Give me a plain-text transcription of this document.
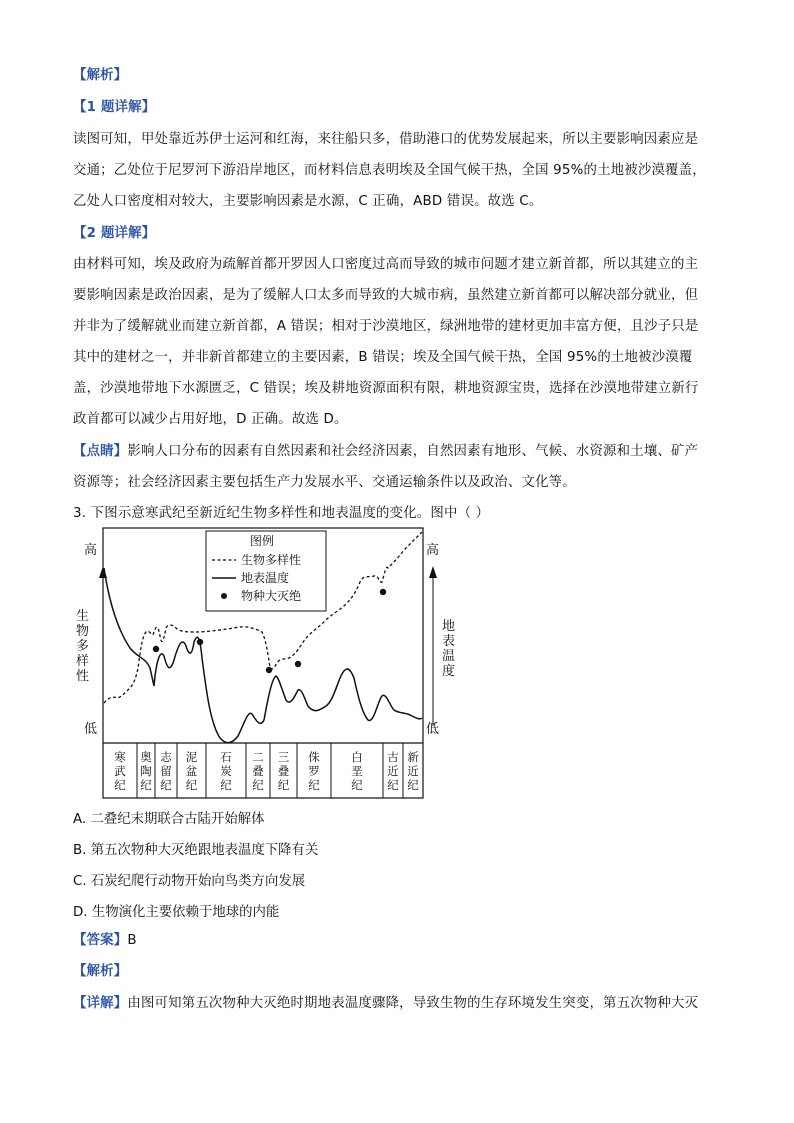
【解析】
【1 题详解】
读图可知，甲处靠近苏伊士运河和红海，来往船只多，借助港口的优势发展起来，所以主要影响因素应是
交通；乙处位于尼罗河下游沿岸地区，而材料信息表明埃及全国气候干热，全国 95%的土地被沙漠覆盖，
乙处人口密度相对较大，主要影响因素是水源，C 正确，ABD 错误。故选 C。
【2 题详解】
由材料可知，埃及政府为疏解首都开罗因人口密度过高而导致的城市问题才建立新首都，所以其建立的主
要影响因素是政治因素，是为了缓解人口太多而导致的大城市病，虽然建立新首都可以解决部分就业，但
并非为了缓解就业而建立新首都，A 错误；相对于沙漠地区，绿洲地带的建材更加丰富方便，且沙子只是
其中的建材之一，并非新首都建立的主要因素，B 错误；埃及全国气候干热，全国 95%的土地被沙漠覆
盖，沙漠地带地下水源匮乏，C 错误；埃及耕地资源面积有限，耕地资源宝贵，选择在沙漠地带建立新行
政首都可以减少占用好地，D 正确。故选 D。
【点睛】影响人口分布的因素有自然因素和社会经济因素，自然因素有地形、气候、水资源和土壤、矿产
资源等；社会经济因素主要包括生产力发展水平、交通运输条件以及政治、文化等。
3. 下图示意寒武纪至新近纪生物多样性和地表温度的变化。图中（ ）
高
低
生物多样性
高
低
地表温度
图例
生物多样性
地表温度
物种大灭绝
寒武纪
奥陶纪
志留纪
泥盆纪
石炭纪
二叠纪
三叠纪
侏罗纪
白垩纪
古近纪
新近纪
A. 二叠纪末期联合古陆开始解体
B. 第五次物种大灭绝跟地表温度下降有关
C. 石炭纪爬行动物开始向鸟类方向发展
D. 生物演化主要依赖于地球的内能
【答案】B
【解析】
【详解】由图可知第五次物种大灭绝时期地表温度骤降，导致生物的生存环境发生突变，第五次物种大灭
